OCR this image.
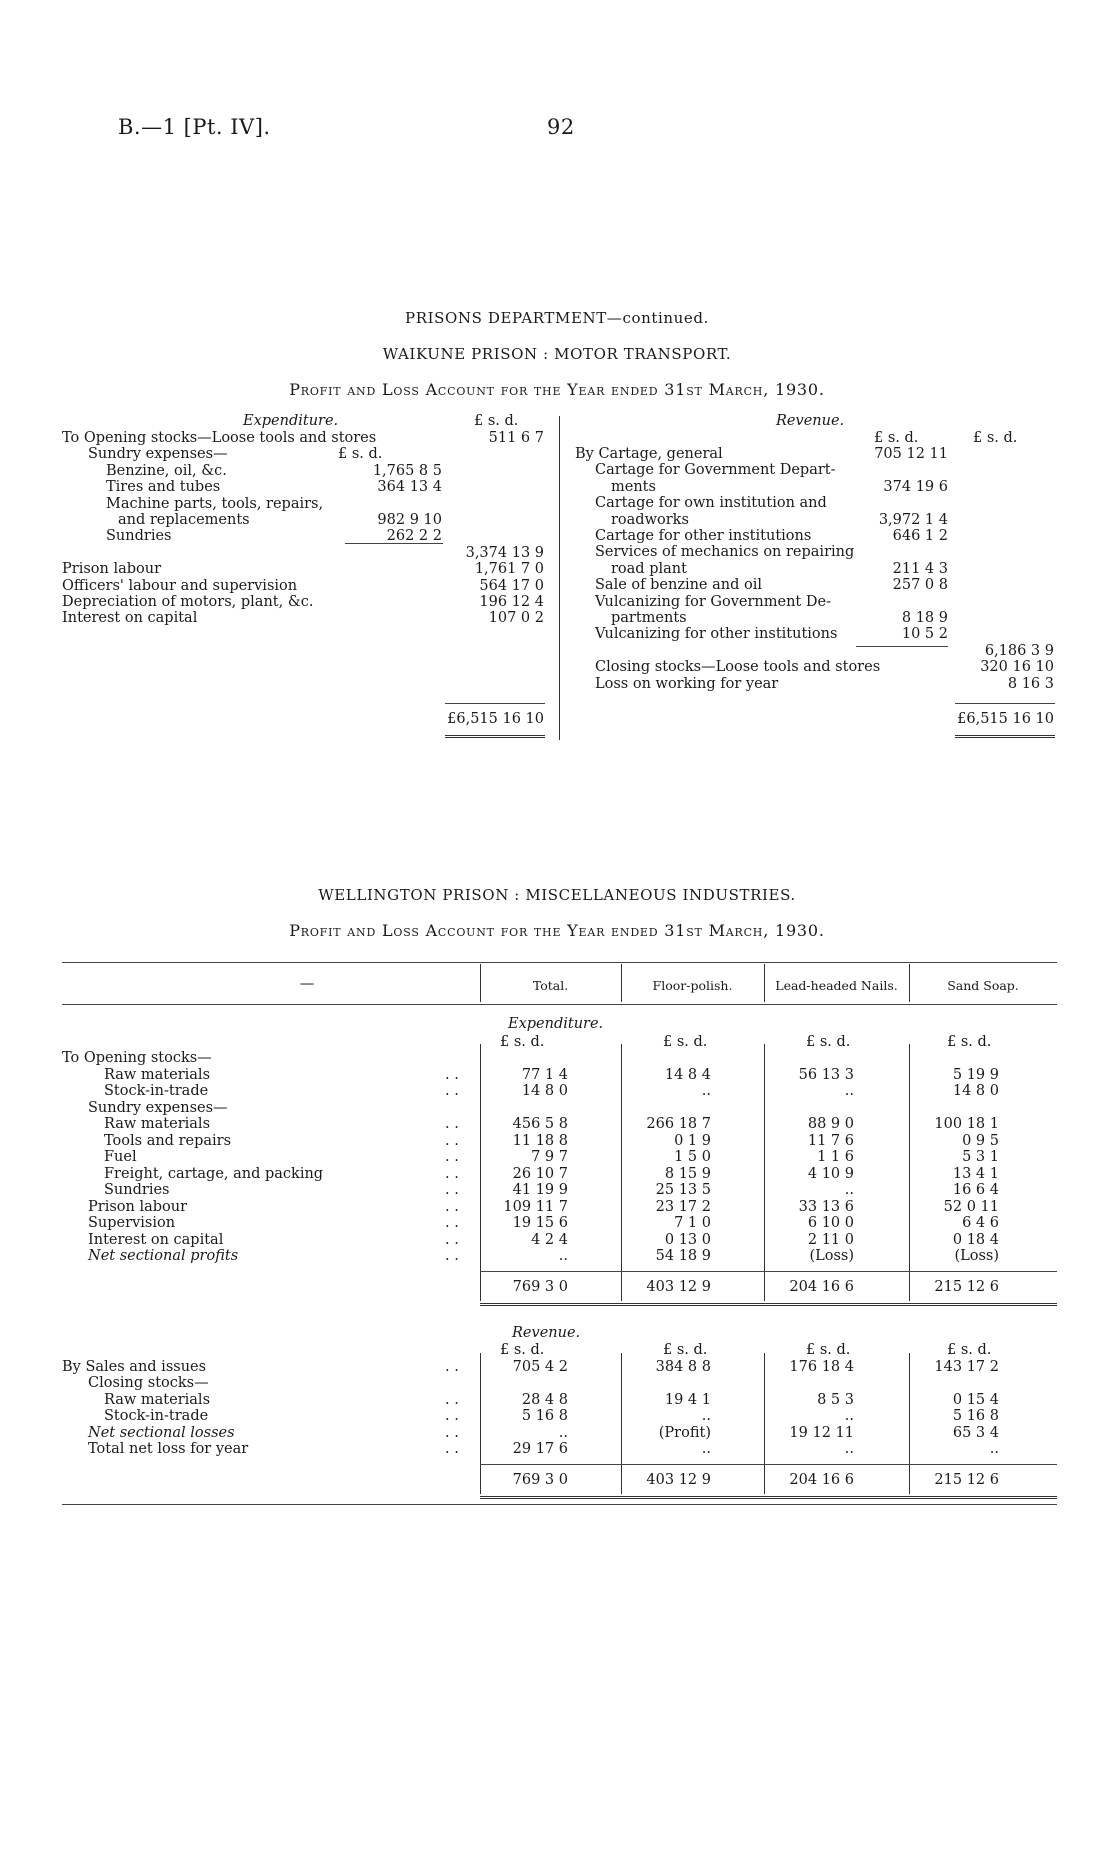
B.—1 [Pt. IV].	92
PRISONS DEPARTMENT—continued.
WAIKUNE PRISON : MOTOR TRANSPORT.
Profit and Loss Account for the Year ended 31st March, 1930.
Expenditure.	£ s. d.
£ s. d.
Revenue.
£ s. d.	£ s. d.
To Opening stocks—Loose tools and stores	511 6 7
Sundry expenses—
Benzine, oil, &c.	1,765 8 5
Tires and tubes	364 13 4
Machine parts, tools, repairs,
and replacements	982 9 10
Sundries	262 2 2
3,374 13 9
Prison labour	1,761 7 0
Officers' labour and supervision	564 17 0
Depreciation of motors, plant, &c.	196 12 4
Interest on capital	107 0 2
£6,515 16 10
By Cartage, general	705 12 11
Cartage for Government Depart-
ments	374 19 6
Cartage for own institution and
roadworks	3,972 1 4
Cartage for other institutions	646 1 2
Services of mechanics on repairing
road plant	211 4 3
Sale of benzine and oil	257 0 8
Vulcanizing for Government De-
partments	8 18 9
Vulcanizing for other institutions	10 5 2
6,186 3 9
Closing stocks—Loose tools and stores	320 16 10
Loss on working for year	8 16 3
£6,515 16 10
WELLINGTON PRISON : MISCELLANEOUS INDUSTRIES.
Profit and Loss Account for the Year ended 31st March, 1930.
—	Total.	Floor-polish.	Lead-headed Nails.	Sand Soap.
Expenditure.
£ s. d.	£ s. d.	£ s. d.	£ s. d.
To Opening stocks—
Raw materials	. .	77 1 4	14 8 4	56 13 3	5 19 9
Stock-in-trade	. .	14 8 0	..	..	14 8 0
Sundry expenses—
Raw materials	. .	456 5 8	266 18 7	88 9 0	100 18 1
Tools and repairs	. .	11 18 8	0 1 9	11 7 6	0 9 5
Fuel	. .	7 9 7	1 5 0	1 1 6	5 3 1
Freight, cartage, and packing	. .	26 10 7	8 15 9	4 10 9	13 4 1
Sundries	. .	41 19 9	25 13 5	..	16 6 4
Prison labour	. .	109 11 7	23 17 2	33 13 6	52 0 11
Supervision	. .	19 15 6	7 1 0	6 10 0	6 4 6
Interest on capital	. .	4 2 4	0 13 0	2 11 0	0 18 4
Net sectional profits	. .	..	54 18 9	(Loss)	(Loss)
769 3 0	403 12 9	204 16 6	215 12 6
Revenue.
£ s. d.	£ s. d.	£ s. d.	£ s. d.
By Sales and issues	. .	705 4 2	384 8 8	176 18 4	143 17 2
Closing stocks—
Raw materials	. .	28 4 8	19 4 1	8 5 3	0 15 4
Stock-in-trade	. .	5 16 8	..	..	5 16 8
Net sectional losses	. .	..	(Profit)	19 12 11	65 3 4
Total net loss for year	. .	29 17 6	..	..	..
769 3 0	403 12 9	204 16 6	215 12 6
